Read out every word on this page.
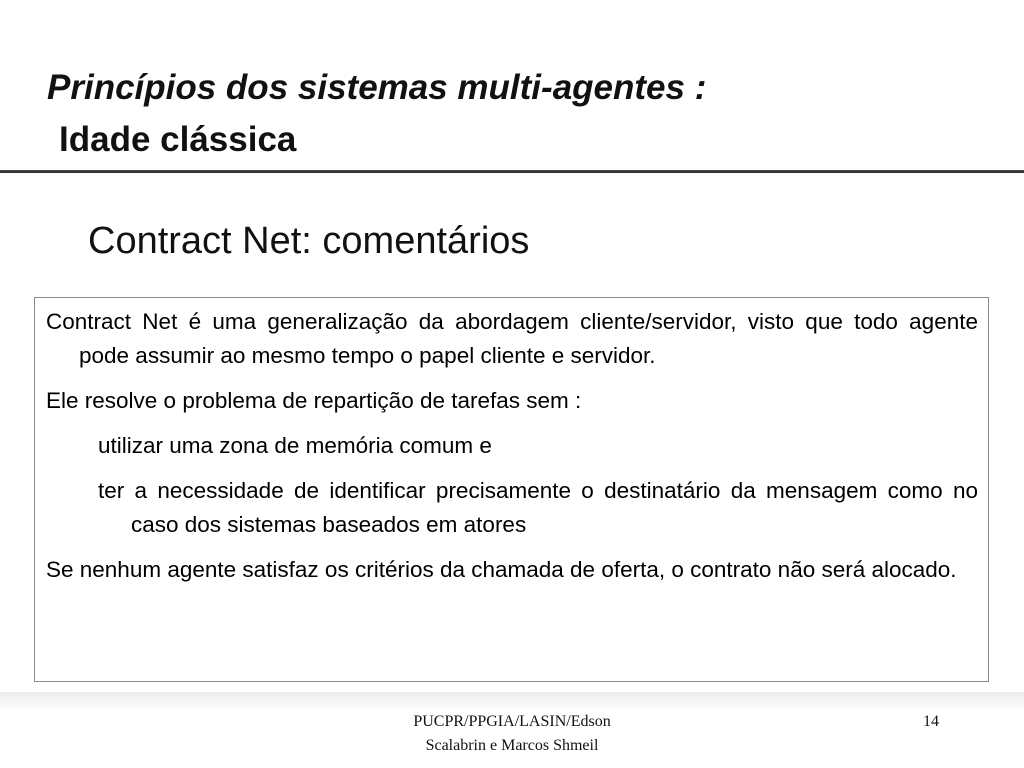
Princípios dos sistemas multi-agentes :
Idade clássica
Contract Net: comentários

Contract Net é uma generalização da abordagem cliente/servidor, visto que todo agente pode assumir ao mesmo tempo o papel cliente e servidor.

Ele resolve o problema de repartição de tarefas sem :

utilizar uma zona de memória comum e

ter a necessidade de identificar precisamente o destinatário da mensagem como no caso dos sistemas baseados em atores

Se nenhum agente satisfaz os critérios da chamada de oferta, o contrato não será alocado.

PUCPR/PPGIA/LASIN/Edson
Scalabrin e Marcos Shmeil
14
